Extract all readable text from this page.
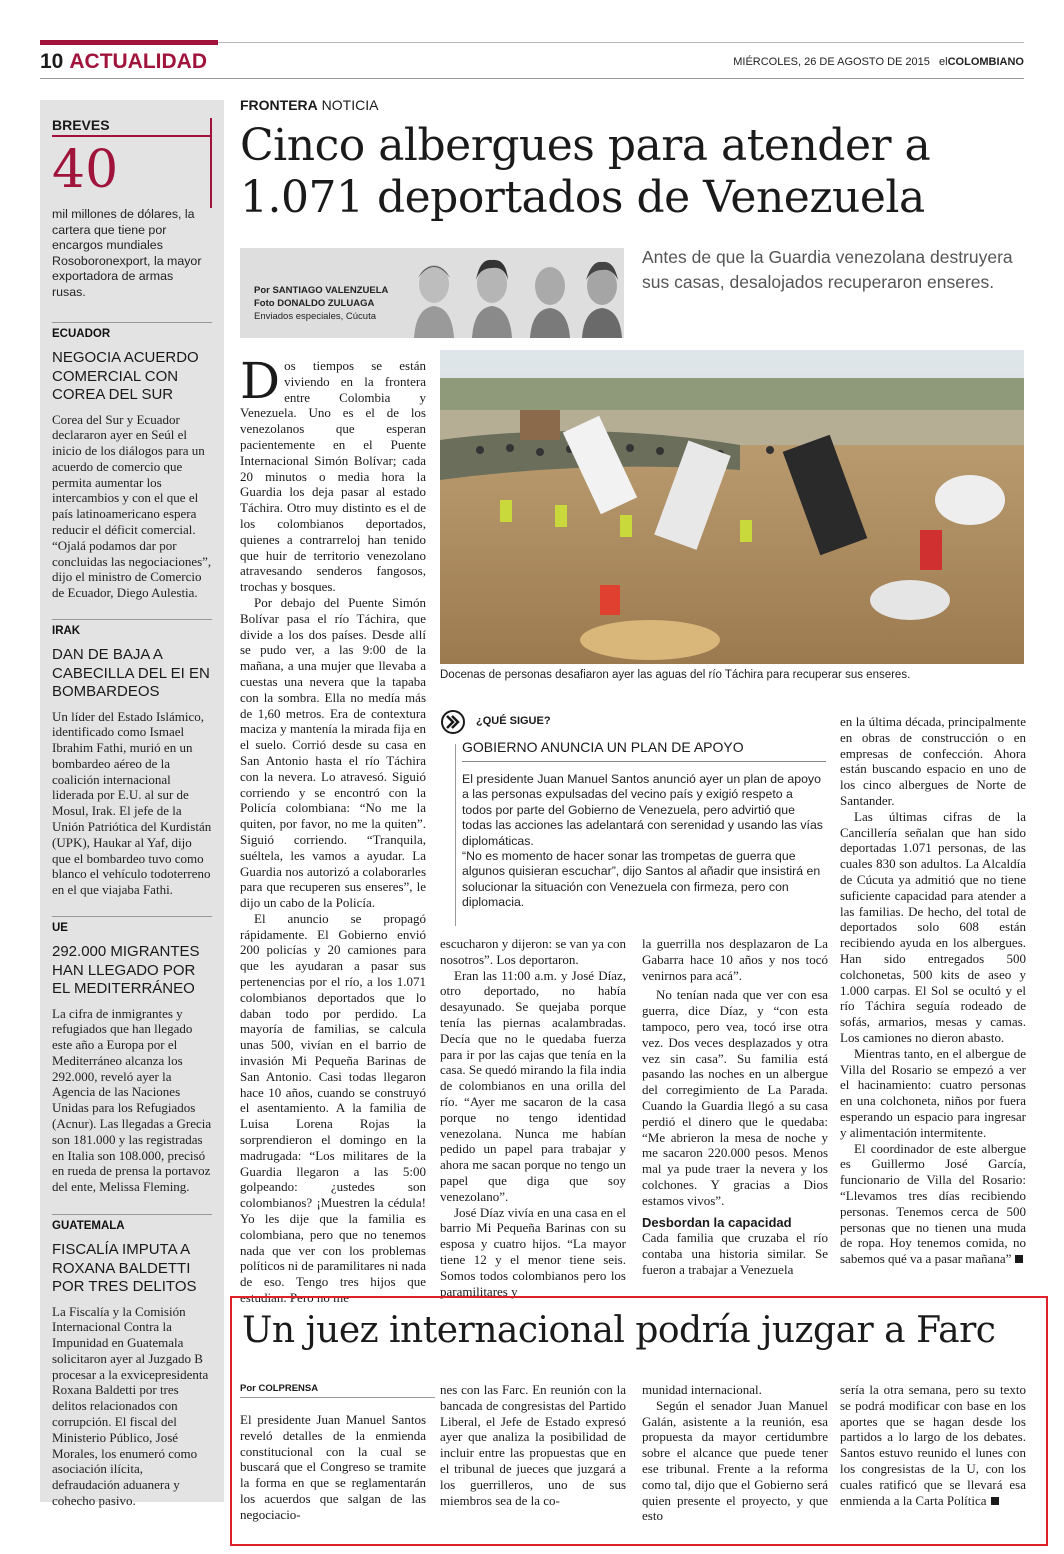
10 ACTUALIDAD	MIÉRCOLES, 26 DE AGOSTO DE 2015 elCOLOMBIANO
BREVES
40
mil millones de dólares, la cartera que tiene por encargos mundiales Rosoboronexport, la mayor exportadora de armas rusas.
ECUADOR
NEGOCIA ACUERDO COMERCIAL CON COREA DEL SUR
Corea del Sur y Ecuador declararon ayer en Seúl el inicio de los diálogos para un acuerdo de comercio que permita aumentar los intercambios y con el que el país latinoamericano espera reducir el déficit comercial. “Ojalá podamos dar por concluidas las negociaciones”, dijo el ministro de Comercio de Ecuador, Diego Aulestia.
IRAK
DAN DE BAJA A CABECILLA DEL EI EN BOMBARDEOS
Un líder del Estado Islámico, identificado como Ismael Ibrahim Fathi, murió en un bombardeo aéreo de la coalición internacional liderada por E.U. al sur de Mosul, Irak. El jefe de la Unión Patriótica del Kurdistán (UPK), Haukar al Yaf, dijo que el bombardeo tuvo como blanco el vehículo todoterreno en el que viajaba Fathi.
UE
292.000 MIGRANTES HAN LLEGADO POR EL MEDITERRÁNEO
La cifra de inmigrantes y refugiados que han llegado este año a Europa por el Mediterráneo alcanza los 292.000, reveló ayer la Agencia de las Naciones Unidas para los Refugiados (Acnur). Las llegadas a Grecia son 181.000 y las registradas en Italia son 108.000, precisó en rueda de prensa la portavoz del ente, Melissa Fleming.
GUATEMALA
FISCALÍA IMPUTA A ROXANA BALDETTI POR TRES DELITOS
La Fiscalía y la Comisión Internacional Contra la Impunidad en Guatemala solicitaron ayer al Juzgado B procesar a la exvicepresidenta Roxana Baldetti por tres delitos relacionados con corrupción. El fiscal del Ministerio Público, José Morales, los enumeró como asociación ilícita, defraudación aduanera y cohecho pasivo.
FRONTERA NOTICIA
Cinco albergues para atender a
1.071 deportados de Venezuela
Por SANTIAGO VALENZUELA
Foto DONALDO ZULUAGA
Enviados especiales, Cúcuta
Antes de que la Guardia venezolana destruyera sus casas, desalojados recuperaron enseres.

Dos tiempos se están viviendo en la frontera entre Colombia y Venezuela. Uno es el de los venezolanos que esperan pacientemente en el Puente Internacional Simón Bolívar; cada 20 minutos o media hora la Guardia los deja pasar al estado Táchira. Otro muy distinto es el de los colombianos deportados, quienes a contrarreloj han tenido que huir de territorio venezolano atravesando senderos fangosos, trochas y bosques.

Por debajo del Puente Simón Bolívar pasa el río Táchira, que divide a los dos países. Desde allí se pudo ver, a las 9:00 de la mañana, a una mujer que llevaba a cuestas una nevera que la tapaba con la sombra. Ella no medía más de 1,60 metros. Era de contextura maciza y mantenía la mirada fija en el suelo. Corrió desde su casa en San Antonio hasta el río Táchira con la nevera. Lo atravesó. Siguió corriendo y se encontró con la Policía colombiana: “No me la quiten, por favor, no me la quiten”. Siguió corriendo. “Tranquila, suéltela, les vamos a ayudar. La Guardia nos autorizó a colaborarles para que recuperen sus enseres”, le dijo un cabo de la Policía.

El anuncio se propagó rápidamente. El Gobierno envió 200 policías y 20 camiones para que les ayudaran a pasar sus pertenencias por el río, a los 1.071 colombianos deportados que lo daban todo por perdido. La mayoría de familias, se calcula unas 500, vivían en el barrio de invasión Mi Pequeña Barinas de San Antonio. Casi todas llegaron hace 10 años, cuando se construyó el asentamiento. A la familia de Luisa Lorena Rojas la sorprendieron el domingo en la madrugada: “Los militares de la Guardia llegaron a las 5:00 golpeando: ¿ustedes son colombianos? ¡Muestren la cédula! Yo les dije que la familia es colombiana, pero que no tenemos nada que ver con los problemas políticos ni de paramilitares ni nada de eso. Tengo tres hijos que estudian. Pero no me

Docenas de personas desafiaron ayer las aguas del río Táchira para recuperar sus enseres.
¿QUÉ SIGUE?
GOBIERNO ANUNCIA UN PLAN DE APOYO
El presidente Juan Manuel Santos anunció ayer un plan de apoyo a las personas expulsadas del vecino país y exigió respeto a todos por parte del Gobierno de Venezuela, pero advirtió que todas las acciones las adelantará con serenidad y usando las vías diplomáticas.
“No es momento de hacer sonar las trompetas de guerra que algunos quisieran escuchar”, dijo Santos al añadir que insistirá en solucionar la situación con Venezuela con firmeza, pero con diplomacia.

escucharon y dijeron: se van ya con nosotros”. Los deportaron.

Eran las 11:00 a.m. y José Díaz, otro deportado, no había desayunado. Se quejaba porque tenía las piernas acalambradas. Decía que no le quedaba fuerza para ir por las cajas que tenía en la casa. Se quedó mirando la fila india de colombianos en una orilla del río. “Ayer me sacaron de la casa porque no tengo identidad venezolana. Nunca me habían pedido un papel para trabajar y ahora me sacan porque no tengo un papel que diga que soy venezolano”.

José Díaz vivía en una casa en el barrio Mi Pequeña Barinas con su esposa y cuatro hijos. “La mayor tiene 12 y el menor tiene seis. Somos todos colombianos pero los paramilitares y

la guerrilla nos desplazaron de La Gabarra hace 10 años y nos tocó venirnos para acá”.

No tenían nada que ver con esa guerra, dice Díaz, y “con esta tampoco, pero vea, tocó irse otra vez. Dos veces desplazados y otra vez sin casa”. Su familia está pasando las noches en un albergue del corregimiento de La Parada. Cuando la Guardia llegó a su casa perdió el dinero que le quedaba: “Me abrieron la mesa de noche y me sacaron 220.000 pesos. Menos mal ya pude traer la nevera y los colchones. Y gracias a Dios estamos vivos”.

Desbordan la capacidad

Cada familia que cruzaba el río contaba una historia similar. Se fueron a trabajar a Venezuela

en la última década, principalmente en obras de construcción o en empresas de confección. Ahora están buscando espacio en uno de los cinco albergues de Norte de Santander.

Las últimas cifras de la Cancillería señalan que han sido deportadas 1.071 personas, de las cuales 830 son adultos. La Alcaldía de Cúcuta ya admitió que no tiene suficiente capacidad para atender a las familias. De hecho, del total de deportados solo 608 están recibiendo ayuda en los albergues. Han sido entregados 500 colchonetas, 500 kits de aseo y 1.000 carpas. El Sol se ocultó y el río Táchira seguía rodeado de sofás, armarios, mesas y camas. Los camiones no dieron abasto.

Mientras tanto, en el albergue de Villa del Rosario se empezó a ver el hacinamiento: cuatro personas en una colchoneta, niños por fuera esperando un espacio para ingresar y alimentación intermitente.

El coordinador de este albergue es Guillermo José García, funcionario de Villa del Rosario: “Llevamos tres días recibiendo personas. Tenemos cerca de 500 personas que no tienen una muda de ropa. Hoy tenemos comida, no sabemos qué va a pasar mañana”

Un juez internacional podría juzgar a Farc
Por COLPRENSA

El presidente Juan Manuel Santos reveló detalles de la enmienda constitucional con la cual se buscará que el Congreso se tramite la forma en que se reglamentarán los acuerdos que salgan de las negociacio-

nes con las Farc. En reunión con la bancada de congresistas del Partido Liberal, el Jefe de Estado expresó ayer que analiza la posibilidad de incluir entre las propuestas que en el tribunal de jueces que juzgará a los guerrilleros, uno de sus miembros sea de la co-

munidad internacional.

Según el senador Juan Manuel Galán, asistente a la reunión, esa propuesta da mayor certidumbre sobre el alcance que puede tener ese tribunal. Frente a la reforma como tal, dijo que el Gobierno será quien presente el proyecto, y que esto

sería la otra semana, pero su texto se podrá modificar con base en los aportes que se hagan desde los partidos a lo largo de los debates. Santos estuvo reunido el lunes con los congresistas de la U, con los cuales ratificó que se llevará esa enmienda a la Carta Política
